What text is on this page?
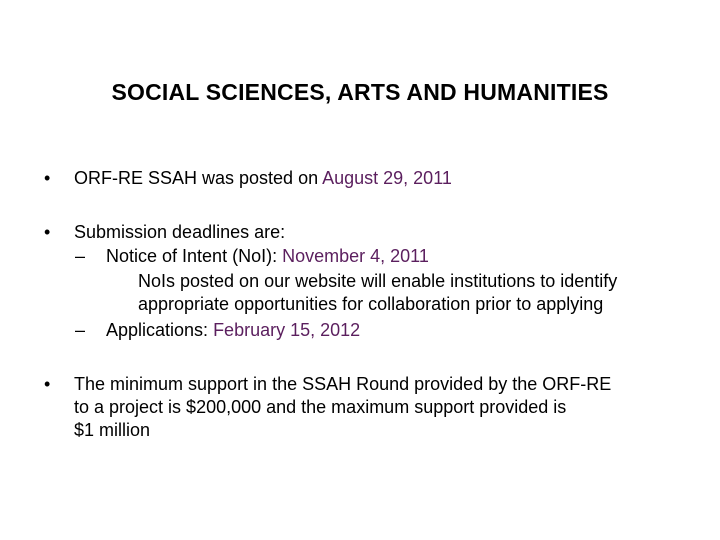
SOCIAL SCIENCES, ARTS AND HUMANITIES
• ORF-RE SSAH was posted on August 29, 2011
• Submission deadlines are:
– Notice of Intent (NoI): November 4, 2011
NoIs posted on our website will enable institutions to identify
appropriate opportunities for collaboration prior to applying
– Applications: February 15, 2012
• The minimum support in the SSAH Round provided by the ORF-RE
to a project is $200,000 and the maximum support provided is
$1 million
